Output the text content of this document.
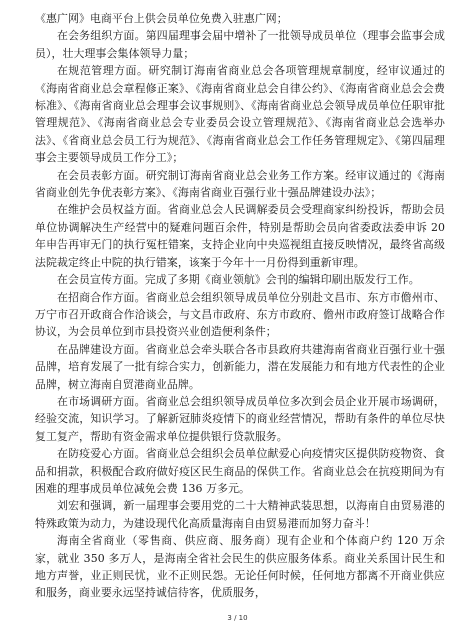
《惠广网》电商平台上供会员单位免费入驻惠广网；

在会务组织方面。第四届理事会届中增补了一批领导成员单位（理事会监事会成员），壮大理事会集体领导力量；

在规范管理方面。研究制订海南省商业总会各项管理规章制度，经审议通过的《海南省商业总会章程修正案》、《海南省商业总会自律公约》、《海南省商业总会会费标准》、《海南省商业总会理事会议事规则》、《海南省商业总会领导成员单位任职审批管理规范》、《海南省商业总会专业委员会设立管理规范》、《海南省商业总会选举办法》、《省商业总会员工行为规范》、《海南省商业总会工作任务管理规定》、《第四届理事会主要领导成员工作分工》；

在会员表彰方面。研究制订海南省商业总会业务工作方案。经审议通过的《海南省商业创先争优表彰方案》、《海南省商业百强行业十强品牌建设办法》；

在维护会员权益方面。省商业总会人民调解委员会受理商家纠纷投诉，帮助会员单位协调解决生产经营中的疑难问题百余件，特别是帮助会员向省委政法委申诉 20 年申告再审无门的执行冤枉错案，支持企业向中央巡视组直接反映情况，最终省高级法院裁定终止中院的执行错案，该案于今年十一月份得到重新审理。

在会员宣传方面。完成了多期《商业领航》会刊的编辑印刷出版发行工作。

在招商合作方面。省商业总会组织领导成员单位分别赴文昌市、东方市儋州市、万宁市召开政商合作洽谈会，与文昌市政府、东方市政府、儋州市政府签订战略合作协议，为会员单位到市县投资兴业创造便利条件；

在品牌建设方面。省商业总会牵头联合各市县政府共建海南省商业百强行业十强品牌，培育发展了一批有综合实力，创新能力，潜在发展能力和有地方代表性的企业品牌，树立海南自贸港商业品牌。

在市场调研方面。省商业总会组织领导成员单位多次到会员企业开展市场调研，经验交流，知识学习。了解新冠肺炎疫情下的商业经营情况，帮助有条件的单位尽快复工复产，帮助有资金需求单位提供银行贷款服务。

在防疫爱心方面。省商业总会组织会员单位献爱心向疫情灾区提供防疫物资、食品和捐款，积极配合政府做好疫区民生商品的保供工作。省商业总会在抗疫期间为有困难的理事成员单位减免会费 136 万多元。

刘宏和强调，新一届理事会要用党的二十大精神武装思想，以海南自由贸易港的特殊政策为动力，为建设现代化高质量海南自由贸易港而加努力奋斗！

海南全省商业（零售商、供应商、服务商）现有企业和个体商户约 120 万余家，就业 350 多万人，是海南全省社会民生的供应服务体系。商业关系国计民生和地方声誉，业正则民忧，业不正则民怨。无论任何时候，任何地方都离不开商业供应和服务，商业要永远坚持诚信待客，优质服务，

3 / 10
